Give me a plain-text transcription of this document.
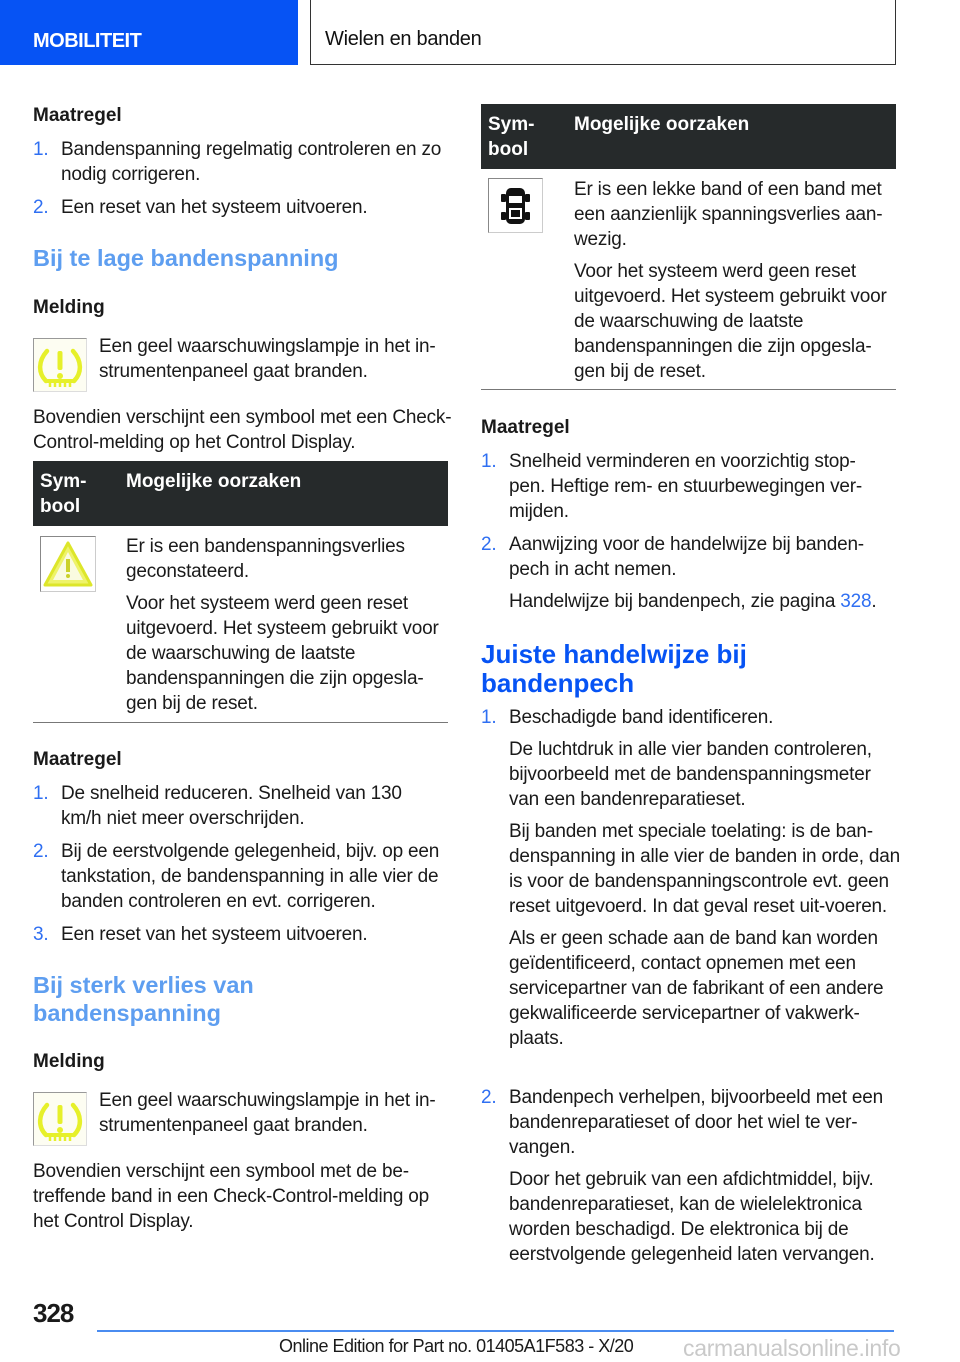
MOBILITEIT	Wielen en banden
Maatregel
1. Bandenspanning regelmatig controleren en zo nodig corrigeren.
2. Een reset van het systeem uitvoeren.
Bij te lage bandenspanning
Melding
Een geel waarschuwingslampje in het in-strumentenpaneel gaat branden.
Bovendien verschijnt een symbool met een Check-Control-melding op het Control Display.
Sym-bool
Mogelijke oorzaken

Er is een bandenspanningsverlies geconstateerd.

Voor het systeem werd geen reset uitgevoerd. Het systeem gebruikt voor de waarschuwing de laatste bandenspanningen die zijn opgesla-gen bij de reset.

Maatregel
1. De snelheid reduceren. Snelheid van 130 km/h niet meer overschrijden.
2. Bij de eerstvolgende gelegenheid, bijv. op een tankstation, de bandenspanning in alle vier de banden controleren en evt. corrigeren.
3. Een reset van het systeem uitvoeren.
Bij sterk verlies van bandenspanning
Melding
Een geel waarschuwingslampje in het in-strumentenpaneel gaat branden.
Bovendien verschijnt een symbool met de be-treffende band in een Check-Control-melding op het Control Display.
Sym-bool
Mogelijke oorzaken

Er is een lekke band of een band met een aanzienlijk spanningsverlies aan-wezig.

Voor het systeem werd geen reset uitgevoerd. Het systeem gebruikt voor de waarschuwing de laatste bandenspanningen die zijn opgesla-gen bij de reset.

Maatregel
1. Snelheid verminderen en voorzichtig stop-pen. Heftige rem- en stuurbewegingen ver-mijden.
2. Aanwijzing voor de handelwijze bij banden-pech in acht nemen.
Handelwijze bij bandenpech, zie pagina 328.
Juiste handelwijze bij bandenpech
1. Beschadigde band identificeren.
De luchtdruk in alle vier banden controleren, bijvoorbeeld met de bandenspanningsmeter van een bandenreparatieset.
Bij banden met speciale toelating: is de ban-denspanning in alle vier de banden in orde, dan is voor de bandenspanningscontrole evt. geen reset uitgevoerd. In dat geval reset uit-voeren.
Als er geen schade aan de band kan worden geïdentificeerd, contact opnemen met een servicepartner van de fabrikant of een andere gekwalificeerde servicepartner of vakwerk-plaats.
2. Bandenpech verhelpen, bijvoorbeeld met een bandenreparatieset of door het wiel te ver-vangen.
Door het gebruik van een afdichtmiddel, bijv. bandenreparatieset, kan de wielelektronica worden beschadigd. De elektronica bij de eerstvolgende gelegenheid laten vervangen.
328
Online Edition for Part no. 01405A1F583 - X/20 carmanualsonline.info
